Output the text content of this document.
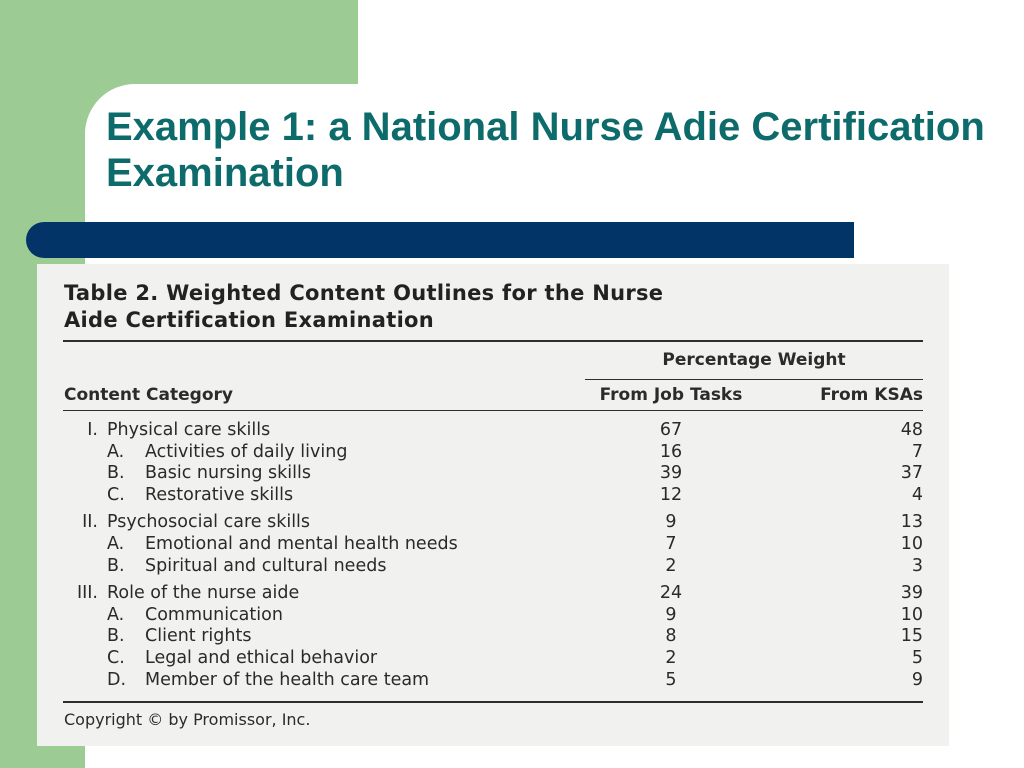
Example 1: a National Nurse Adie Certification Examination
Table 2. Weighted Content Outlines for the Nurse
Aide Certification Examination
Percentage Weight
Content Category	From Job Tasks	From KSAs
I. Physical care skills	67	48
A. Activities of daily living	16	7
B. Basic nursing skills	39	37
C. Restorative skills	12	4
II. Psychosocial care skills	9	13
A. Emotional and mental health needs	7	10
B. Spiritual and cultural needs	2	3
III. Role of the nurse aide	24	39
A. Communication	9	10
B. Client rights	8	15
C. Legal and ethical behavior	2	5
D. Member of the health care team	5	9
Copyright © by Promissor, Inc.
